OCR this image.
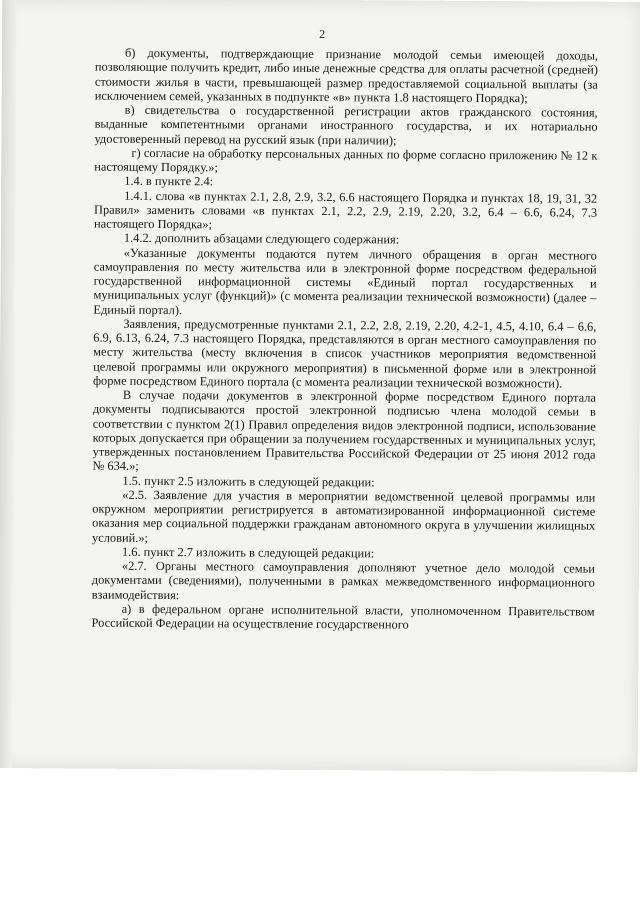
2

б) документы, подтверждающие признание молодой семьи имеющей доходы, позволяющие получить кредит, либо иные денежные средства для оплаты расчетной (средней) стоимости жилья в части, превышающей размер предоставляемой социальной выплаты (за исключением семей, указанных в подпункте «в» пункта 1.8 настоящего Порядка);

в) свидетельства о государственной регистрации актов гражданского состояния, выданные компетентными органами иностранного государства, и их нотариально удостоверенный перевод на русский язык (при наличии);

г) согласие на обработку персональных данных по форме согласно приложению № 12 к настоящему Порядку.»;

1.4. в пункте 2.4:

1.4.1. слова «в пунктах 2.1, 2.8, 2.9, 3.2, 6.6 настоящего Порядка и пунктах 18, 19, 31, 32 Правил» заменить словами «в пунктах 2.1, 2.2, 2.9, 2.19, 2.20, 3.2, 6.4 – 6.6, 6.24, 7.3 настоящего Порядка»;

1.4.2. дополнить абзацами следующего содержания:

«Указанные документы подаются путем личного обращения в орган местного самоуправления по месту жительства или в электронной форме посредством федеральной государственной информационной системы «Единый портал государственных и муниципальных услуг (функций)» (с момента реализации технической возможности) (далее – Единый портал).

Заявления, предусмотренные пунктами 2.1, 2.2, 2.8, 2.19, 2.20, 4.2-1, 4.5, 4.10, 6.4 – 6.6, 6.9, 6.13, 6.24, 7.3 настоящего Порядка, представляются в орган местного самоуправления по месту жительства (месту включения в список участников мероприятия ведомственной целевой программы или окружного мероприятия) в письменной форме или в электронной форме посредством Единого портала (с момента реализации технической возможности).

В случае подачи документов в электронной форме посредством Единого портала документы подписываются простой электронной подписью члена молодой семьи в соответствии с пунктом 2(1) Правил определения видов электронной подписи, использование которых допускается при обращении за получением государственных и муниципальных услуг, утвержденных постановлением Правительства Российской Федерации от 25 июня 2012 года № 634.»;

1.5. пункт 2.5 изложить в следующей редакции:

«2.5. Заявление для участия в мероприятии ведомственной целевой программы или окружном мероприятии регистрируется в автоматизированной информационной системе оказания мер социальной поддержки гражданам автономного округа в улучшении жилищных условий.»;

1.6. пункт 2.7 изложить в следующей редакции:

«2.7. Органы местного самоуправления дополняют учетное дело молодой семьи документами (сведениями), полученными в рамках межведомственного информационного взаимодействия:

а) в федеральном органе исполнительной власти, уполномоченном Правительством Российской Федерации на осуществление государственного
